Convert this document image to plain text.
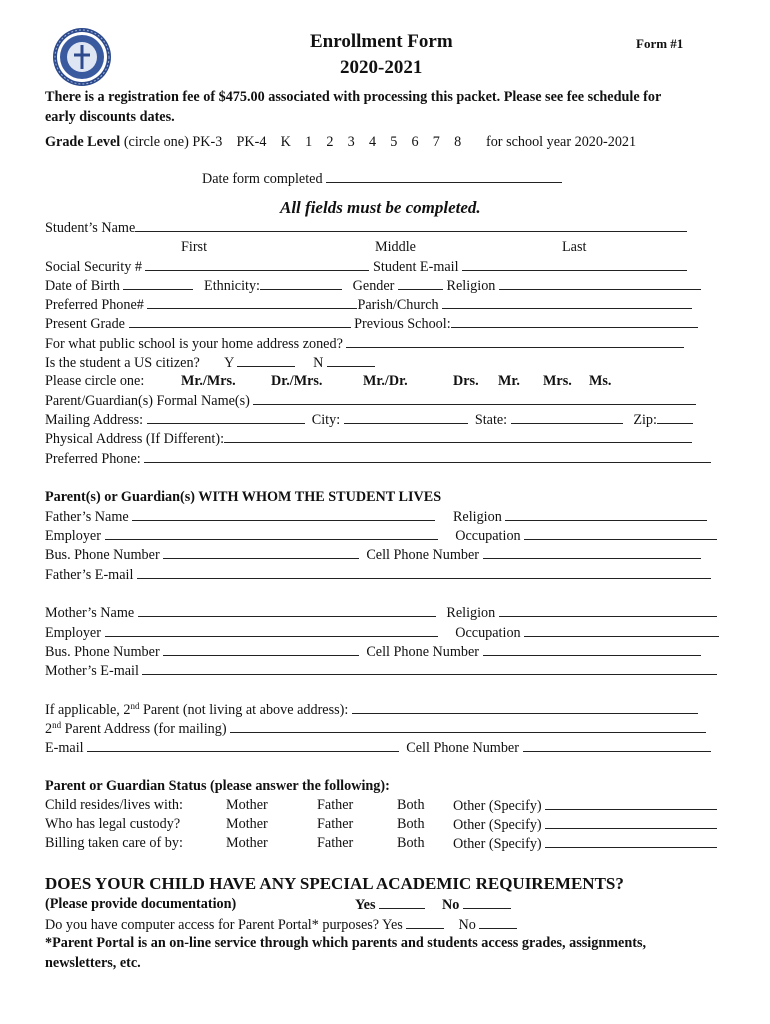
Enrollment Form
2020-2021
Form #1
There is a registration fee of $475.00 associated with processing this packet. Please see fee schedule for
early discounts dates.
Grade Level (circle one) PK-3 PK-4 K 1 2 3 4 5 6 7 8 for school year 2020-2021
Date form completed
All fields must be completed.
Student’s Name
First	Middle	Last
Social Security #	Student E-mail
Date of Birth	Ethnicity:	Gender	Religion
Preferred Phone#	Parish/Church
Present Grade	Previous School:
For what public school is your home address zoned?
Is the student a US citizen? Y	N
Please circle one:	Mr./Mrs. Dr./Mrs.	Mr./Dr.	Drs. Mr. Mrs. Ms.
Parent/Guardian(s) Formal Name(s)
Mailing Address:	City:	State:	Zip:
Physical Address (If Different):
Preferred Phone:
Parent(s) or Guardian(s) WITH WHOM THE STUDENT LIVES
Father’s Name	Religion
Employer	Occupation
Bus. Phone Number	Cell Phone Number
Father’s E-mail
Mother’s Name	Religion
Employer	Occupation
Bus. Phone Number	Cell Phone Number
Mother’s E-mail
If applicable, 2nd Parent (not living at above address):
2nd Parent Address (for mailing)
E-mail	Cell Phone Number
Parent or Guardian Status (please answer the following):
Child resides/lives with:	Mother	Father	Both Other (Specify)
Who has legal custody?	Mother	Father	Both Other (Specify)
Billing taken care of by:	Mother	Father	Both Other (Specify)
DOES YOUR CHILD HAVE ANY SPECIAL ACADEMIC REQUIREMENTS?
(Please provide documentation)	Yes	No
Do you have computer access for Parent Portal* purposes? Yes	No
*Parent Portal is an on-line service through which parents and students access grades, assignments,
newsletters, etc.
